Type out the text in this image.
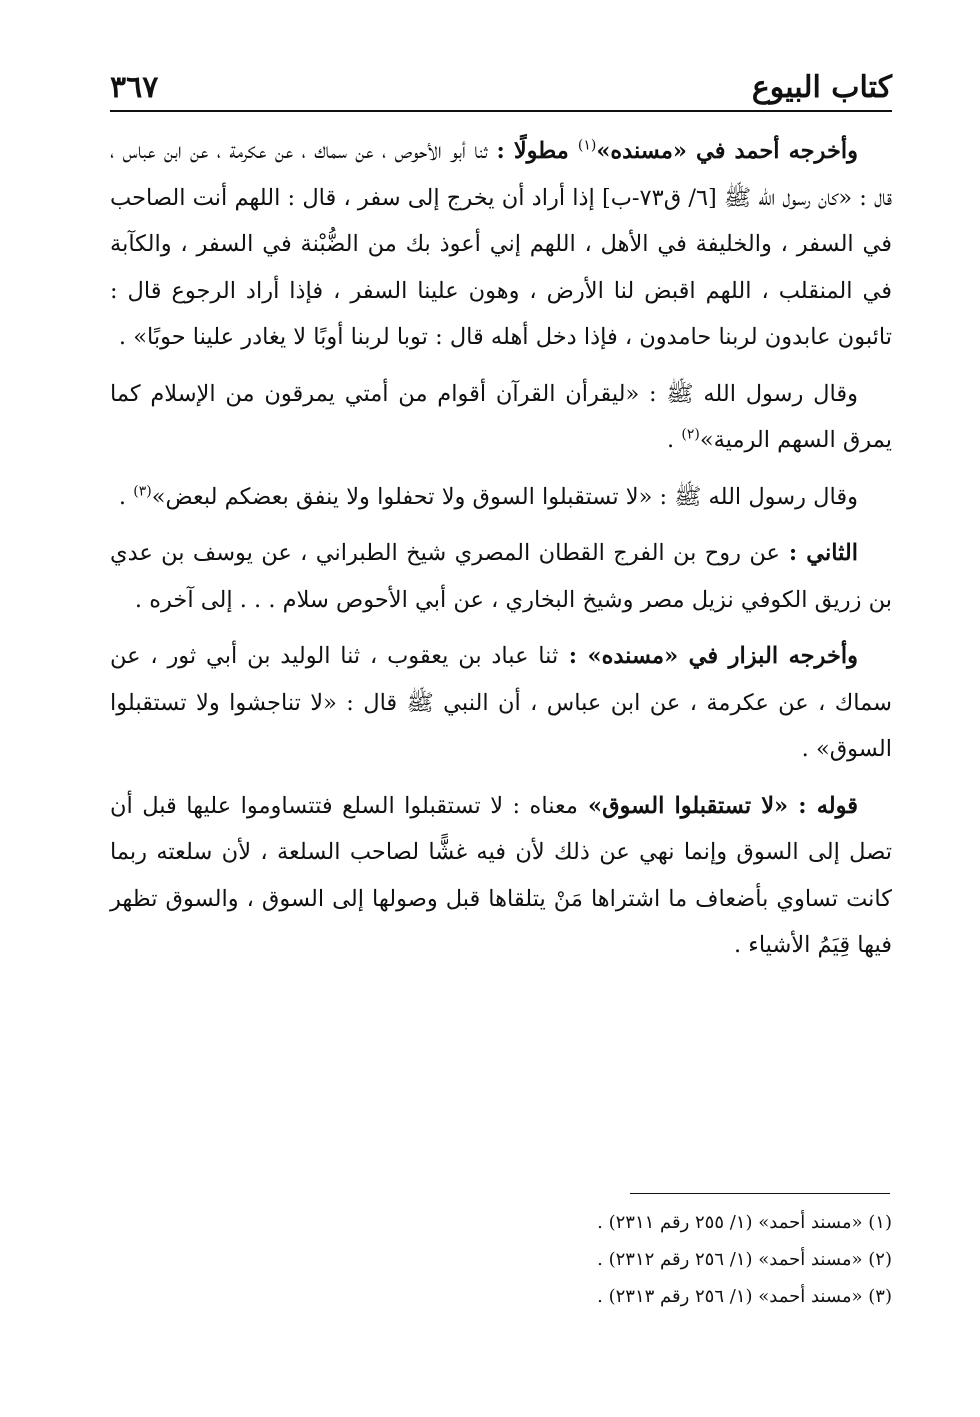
كتاب البيوع
٣٦٧

وأخرجه أحمد في «مسنده»$^{(١)}$ مطولًا : ثنا أبو الأحوص ، عن سماك ، عن عكرمة ، عن ابن عباس ، قال : «كان رسول الله ﷺ [٦/ ق٧٣-ب] إذا أراد أن يخرج إلى سفر ، قال : اللهم أنت الصاحب في السفر ، والخليفة في الأهل ، اللهم إني أعوذ بك من الضُّبْنة في السفر ، والكآبة في المنقلب ، اللهم اقبض لنا الأرض ، وهون علينا السفر ، فإذا أراد الرجوع قال : تائبون عابدون لربنا حامدون ، فإذا دخل أهله قال : توبا لربنا أوبًا لا يغادر علينا حوبًا» .

وقال رسول الله ﷺ : «ليقرأن القرآن أقوام من أمتي يمرقون من الإسلام كما يمرق السهم الرمية»$^{(٢)}$ .

وقال رسول الله ﷺ : «لا تستقبلوا السوق ولا تحفلوا ولا ينفق بعضكم لبعض»$^{(٣)}$ .

الثاني : عن روح بن الفرج القطان المصري شيخ الطبراني ، عن يوسف بن عدي بن زريق الكوفي نزيل مصر وشيخ البخاري ، عن أبي الأحوص سلام . . . إلى آخره .

وأخرجه البزار في «مسنده» : ثنا عباد بن يعقوب ، ثنا الوليد بن أبي ثور ، عن سماك ، عن عكرمة ، عن ابن عباس ، أن النبي ﷺ قال : «لا تناجشوا ولا تستقبلوا السوق» .

قوله : «لا تستقبلوا السوق» معناه : لا تستقبلوا السلع فتتساوموا عليها قبل أن تصل إلى السوق وإنما نهي عن ذلك لأن فيه غشًّا لصاحب السلعة ، لأن سلعته ربما كانت تساوي بأضعاف ما اشتراها مَنْ يتلقاها قبل وصولها إلى السوق ، والسوق تظهر فيها قِيَمُ الأشياء .

(١) «مسند أحمد» (١/ ٢٥٥ رقم ٢٣١١) .

(٢) «مسند أحمد» (١/ ٢٥٦ رقم ٢٣١٢) .

(٣) «مسند أحمد» (١/ ٢٥٦ رقم ٢٣١٣) .
